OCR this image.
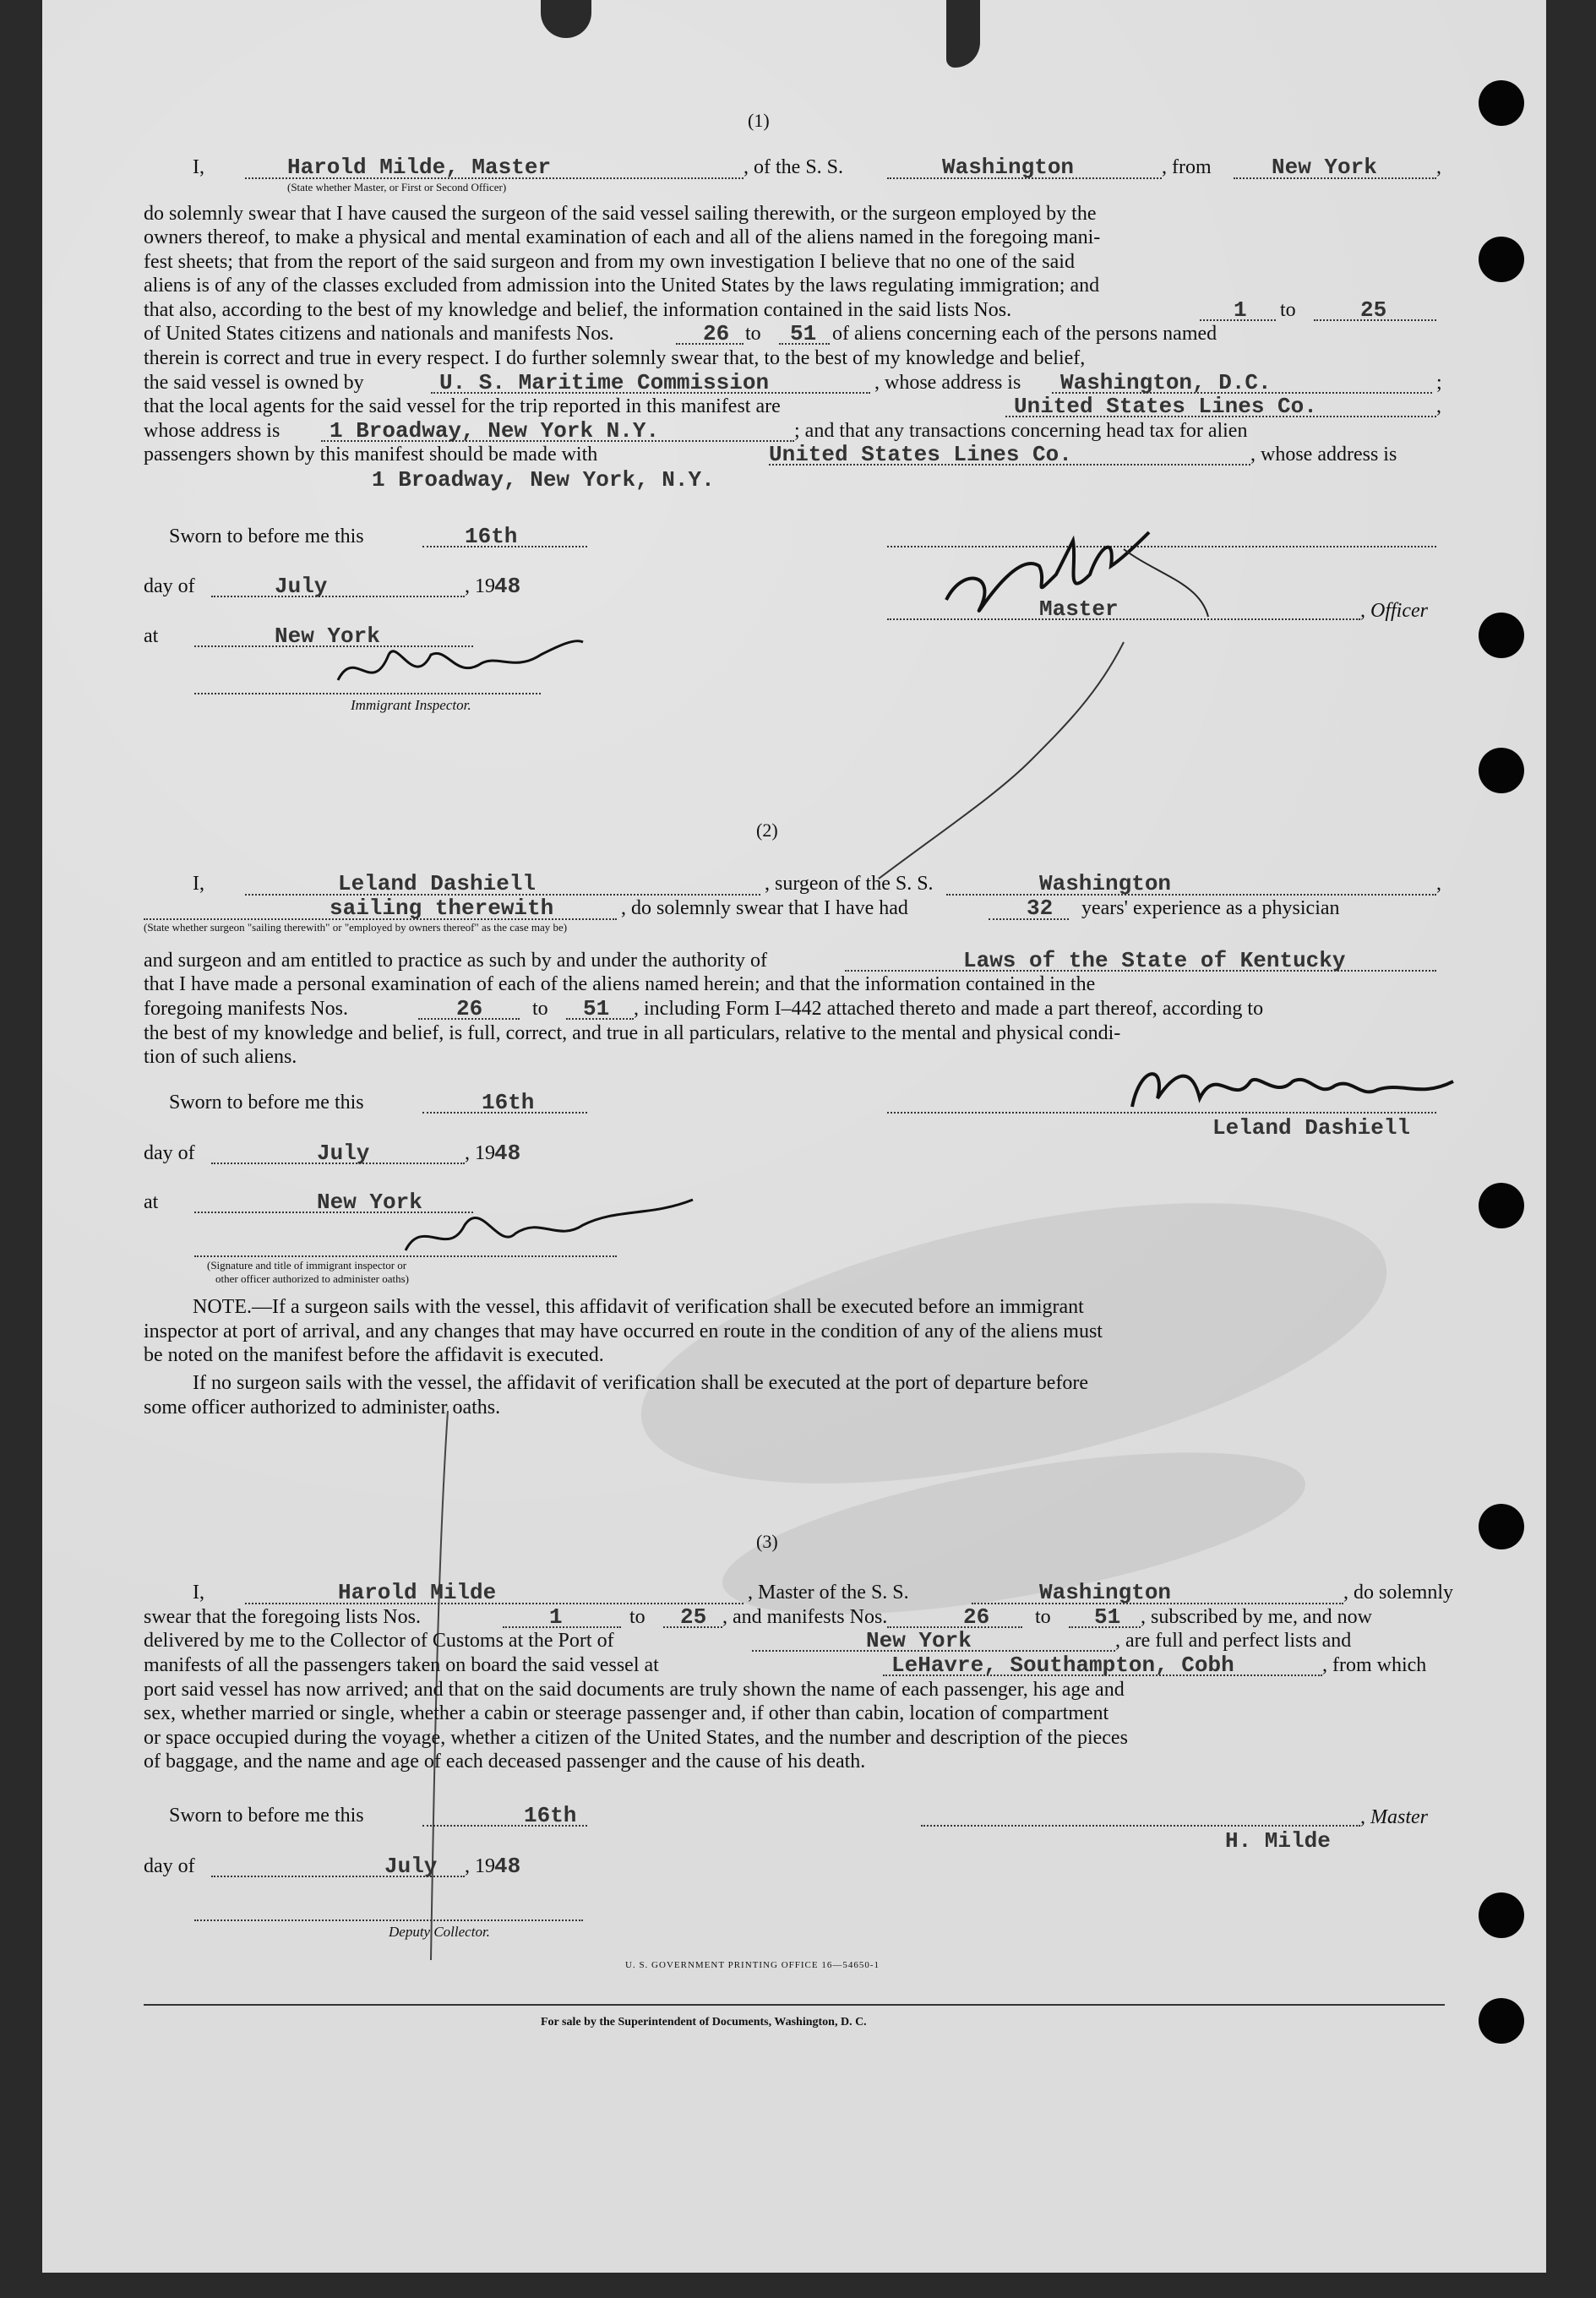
(1)
I,	Harold Milde, Master
(State whether Master, or First or Second Officer)
, of the S. S.	Washington	, from	New York	,
do solemnly swear that I have caused the surgeon of the said vessel sailing therewith, or the surgeon employed by the
owners thereof, to make a physical and mental examination of each and all of the aliens named in the foregoing mani-
fest sheets; that from the report of the said surgeon and from my own investigation I believe that no one of the said
aliens is of any of the classes excluded from admission into the United States by the laws regulating immigration; and
that also, according to the best of my knowledge and belief, the information contained in the said lists Nos.	1 to	25
of United States citizens and nationals and manifests Nos.	26 to 51 of aliens concerning each of the persons named
therein is correct and true in every respect. I do further solemnly swear that, to the best of my knowledge and belief,
the said vessel is owned by	U. S. Maritime Commission	, whose address is Washington, D.C.	;
that the local agents for the said vessel for the trip reported in this manifest are	United States Lines Co.	,
whose address is 1 Broadway, New York N.Y.	; and that any transactions concerning head tax for alien
passengers shown by this manifest should be made with	United States Lines Co.	, whose address is
1 Broadway, New York, N.Y.
Sworn to before me this	16th
day of	July	, 19 48
Master	, Officer
at	New York
Immigrant Inspector.
(2)
I,	Leland Dashiell	, surgeon of the S. S.	Washington	,
sailing therewith	, do solemnly swear that I have had	32 years' experience as a physician
(State whether surgeon "sailing therewith" or "employed by owners thereof" as the case may be)
and surgeon and am entitled to practice as such by and under the authority of	Laws of the State of Kentucky
that I have made a personal examination of each of the aliens named herein; and that the information contained in the
foregoing manifests Nos.	26 to 51 , including Form I–442 attached thereto and made a part thereof, according to
the best of my knowledge and belief, is full, correct, and true in all particulars, relative to the mental and physical condi-
tion of such aliens.
Sworn to before me this	16th
Leland Dashiell
day of	July	, 19 48
at	New York
(Signature and title of immigrant inspector or
other officer authorized to administer oaths)
NOTE.—If a surgeon sails with the vessel, this affidavit of verification shall be executed before an immigrant
inspector at port of arrival, and any changes that may have occurred en route in the condition of any of the aliens must
be noted on the manifest before the affidavit is executed.
If no surgeon sails with the vessel, the affidavit of verification shall be executed at the port of departure before
some officer authorized to administer oaths.
(3)
I,	Harold Milde	, Master of the S. S.	Washington	, do solemnly
swear that the foregoing lists Nos.	1	to 25 , and manifests Nos.	26 to 51 , subscribed by me, and now
delivered by me to the Collector of Customs at the Port of	New York	, are full and perfect lists and
manifests of all the passengers taken on board the said vessel at	LeHavre, Southampton, Cobh	, from which
port said vessel has now arrived; and that on the said documents are truly shown the name of each passenger, his age and
sex, whether married or single, whether a cabin or steerage passenger and, if other than cabin, location of compartment
or space occupied during the voyage, whether a citizen of the United States, and the number and description of the pieces
of baggage, and the name and age of each deceased passenger and the cause of his death.
Sworn to before me this	16th	, Master
H. Milde
day of	July , 19 48
Deputy Collector.
U. S. GOVERNMENT PRINTING OFFICE 16—54650-1
For sale by the Superintendent of Documents, Washington, D. C.
